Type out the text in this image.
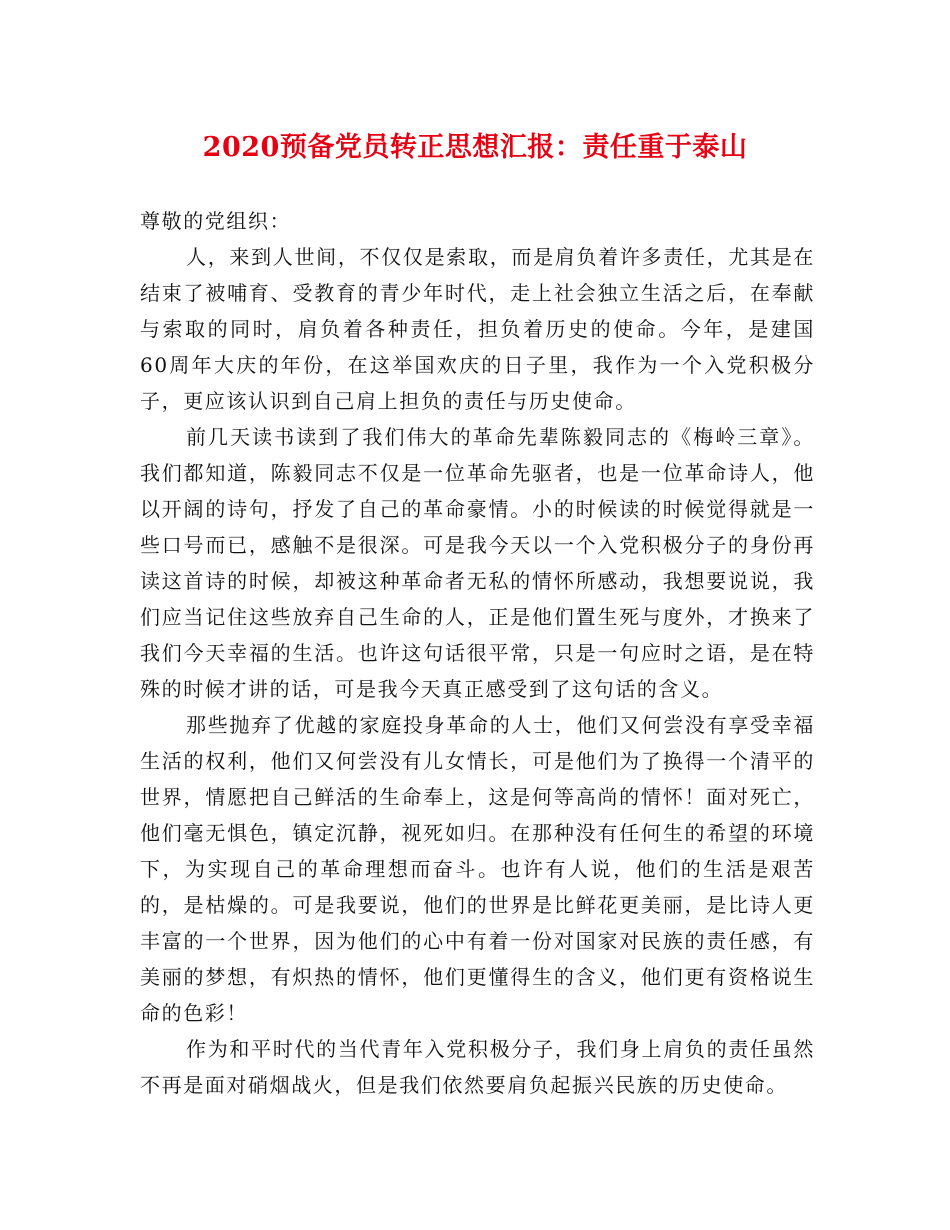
2020预备党员转正思想汇报：责任重于泰山

尊敬的党组织：

人，来到人世间，不仅仅是索取，而是肩负着许多责任，尤其是在结束了被哺育、受教育的青少年时代，走上社会独立生活之后，在奉献与索取的同时，肩负着各种责任，担负着历史的使命。今年，是建国60周年大庆的年份，在这举国欢庆的日子里，我作为一个入党积极分子，更应该认识到自己肩上担负的责任与历史使命。

前几天读书读到了我们伟大的革命先辈陈毅同志的《梅岭三章》。我们都知道，陈毅同志不仅是一位革命先驱者，也是一位革命诗人，他以开阔的诗句，抒发了自己的革命豪情。小的时候读的时候觉得就是一些口号而已，感触不是很深。可是我今天以一个入党积极分子的身份再读这首诗的时候，却被这种革命者无私的情怀所感动，我想要说说，我们应当记住这些放弃自己生命的人，正是他们置生死与度外，才换来了我们今天幸福的生活。也许这句话很平常，只是一句应时之语，是在特殊的时候才讲的话，可是我今天真正感受到了这句话的含义。

那些抛弃了优越的家庭投身革命的人士，他们又何尝没有享受幸福生活的权利，他们又何尝没有儿女情长，可是他们为了换得一个清平的世界，情愿把自己鲜活的生命奉上，这是何等高尚的情怀！面对死亡，他们毫无惧色，镇定沉静，视死如归。在那种没有任何生的希望的环境下，为实现自己的革命理想而奋斗。也许有人说，他们的生活是艰苦的，是枯燥的。可是我要说，他们的世界是比鲜花更美丽，是比诗人更丰富的一个世界，因为他们的心中有着一份对国家对民族的责任感，有美丽的梦想，有炽热的情怀，他们更懂得生的含义，他们更有资格说生命的色彩！

作为和平时代的当代青年入党积极分子，我们身上肩负的责任虽然不再是面对硝烟战火，但是我们依然要肩负起振兴民族的历史使命。
